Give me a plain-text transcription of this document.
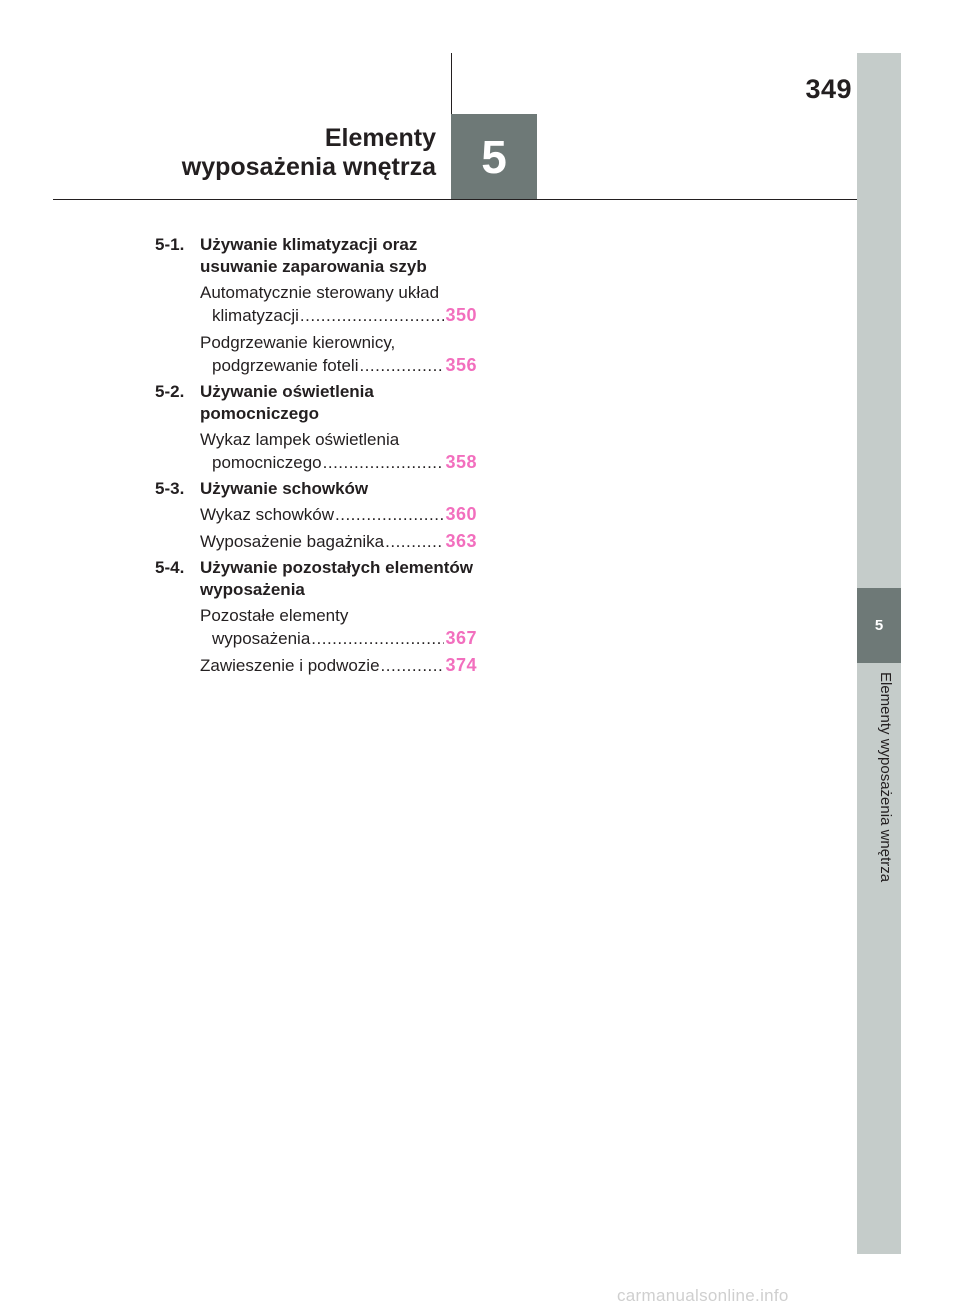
349
Elementy
wyposażenia wnętrza 5
5
Elementy wyposażenia wnętrza
5-1. Używanie klimatyzacji oraz usuwanie zaparowania szyb
Automatycznie sterowany układ
klimatyzacji .....	350
Podgrzewanie kierownicy,
podgrzewanie foteli .....	356
5-2. Używanie oświetlenia pomocniczego
Wykaz lampek oświetlenia
pomocniczego .....	358
5-3. Używanie schowków
Wykaz schowków .....	360
Wyposażenie bagażnika .....	363
5-4. Używanie pozostałych elementów wyposażenia
Pozostałe elementy
wyposażenia .....	367
Zawieszenie i podwozie .....	374
carmanualsonline.info
